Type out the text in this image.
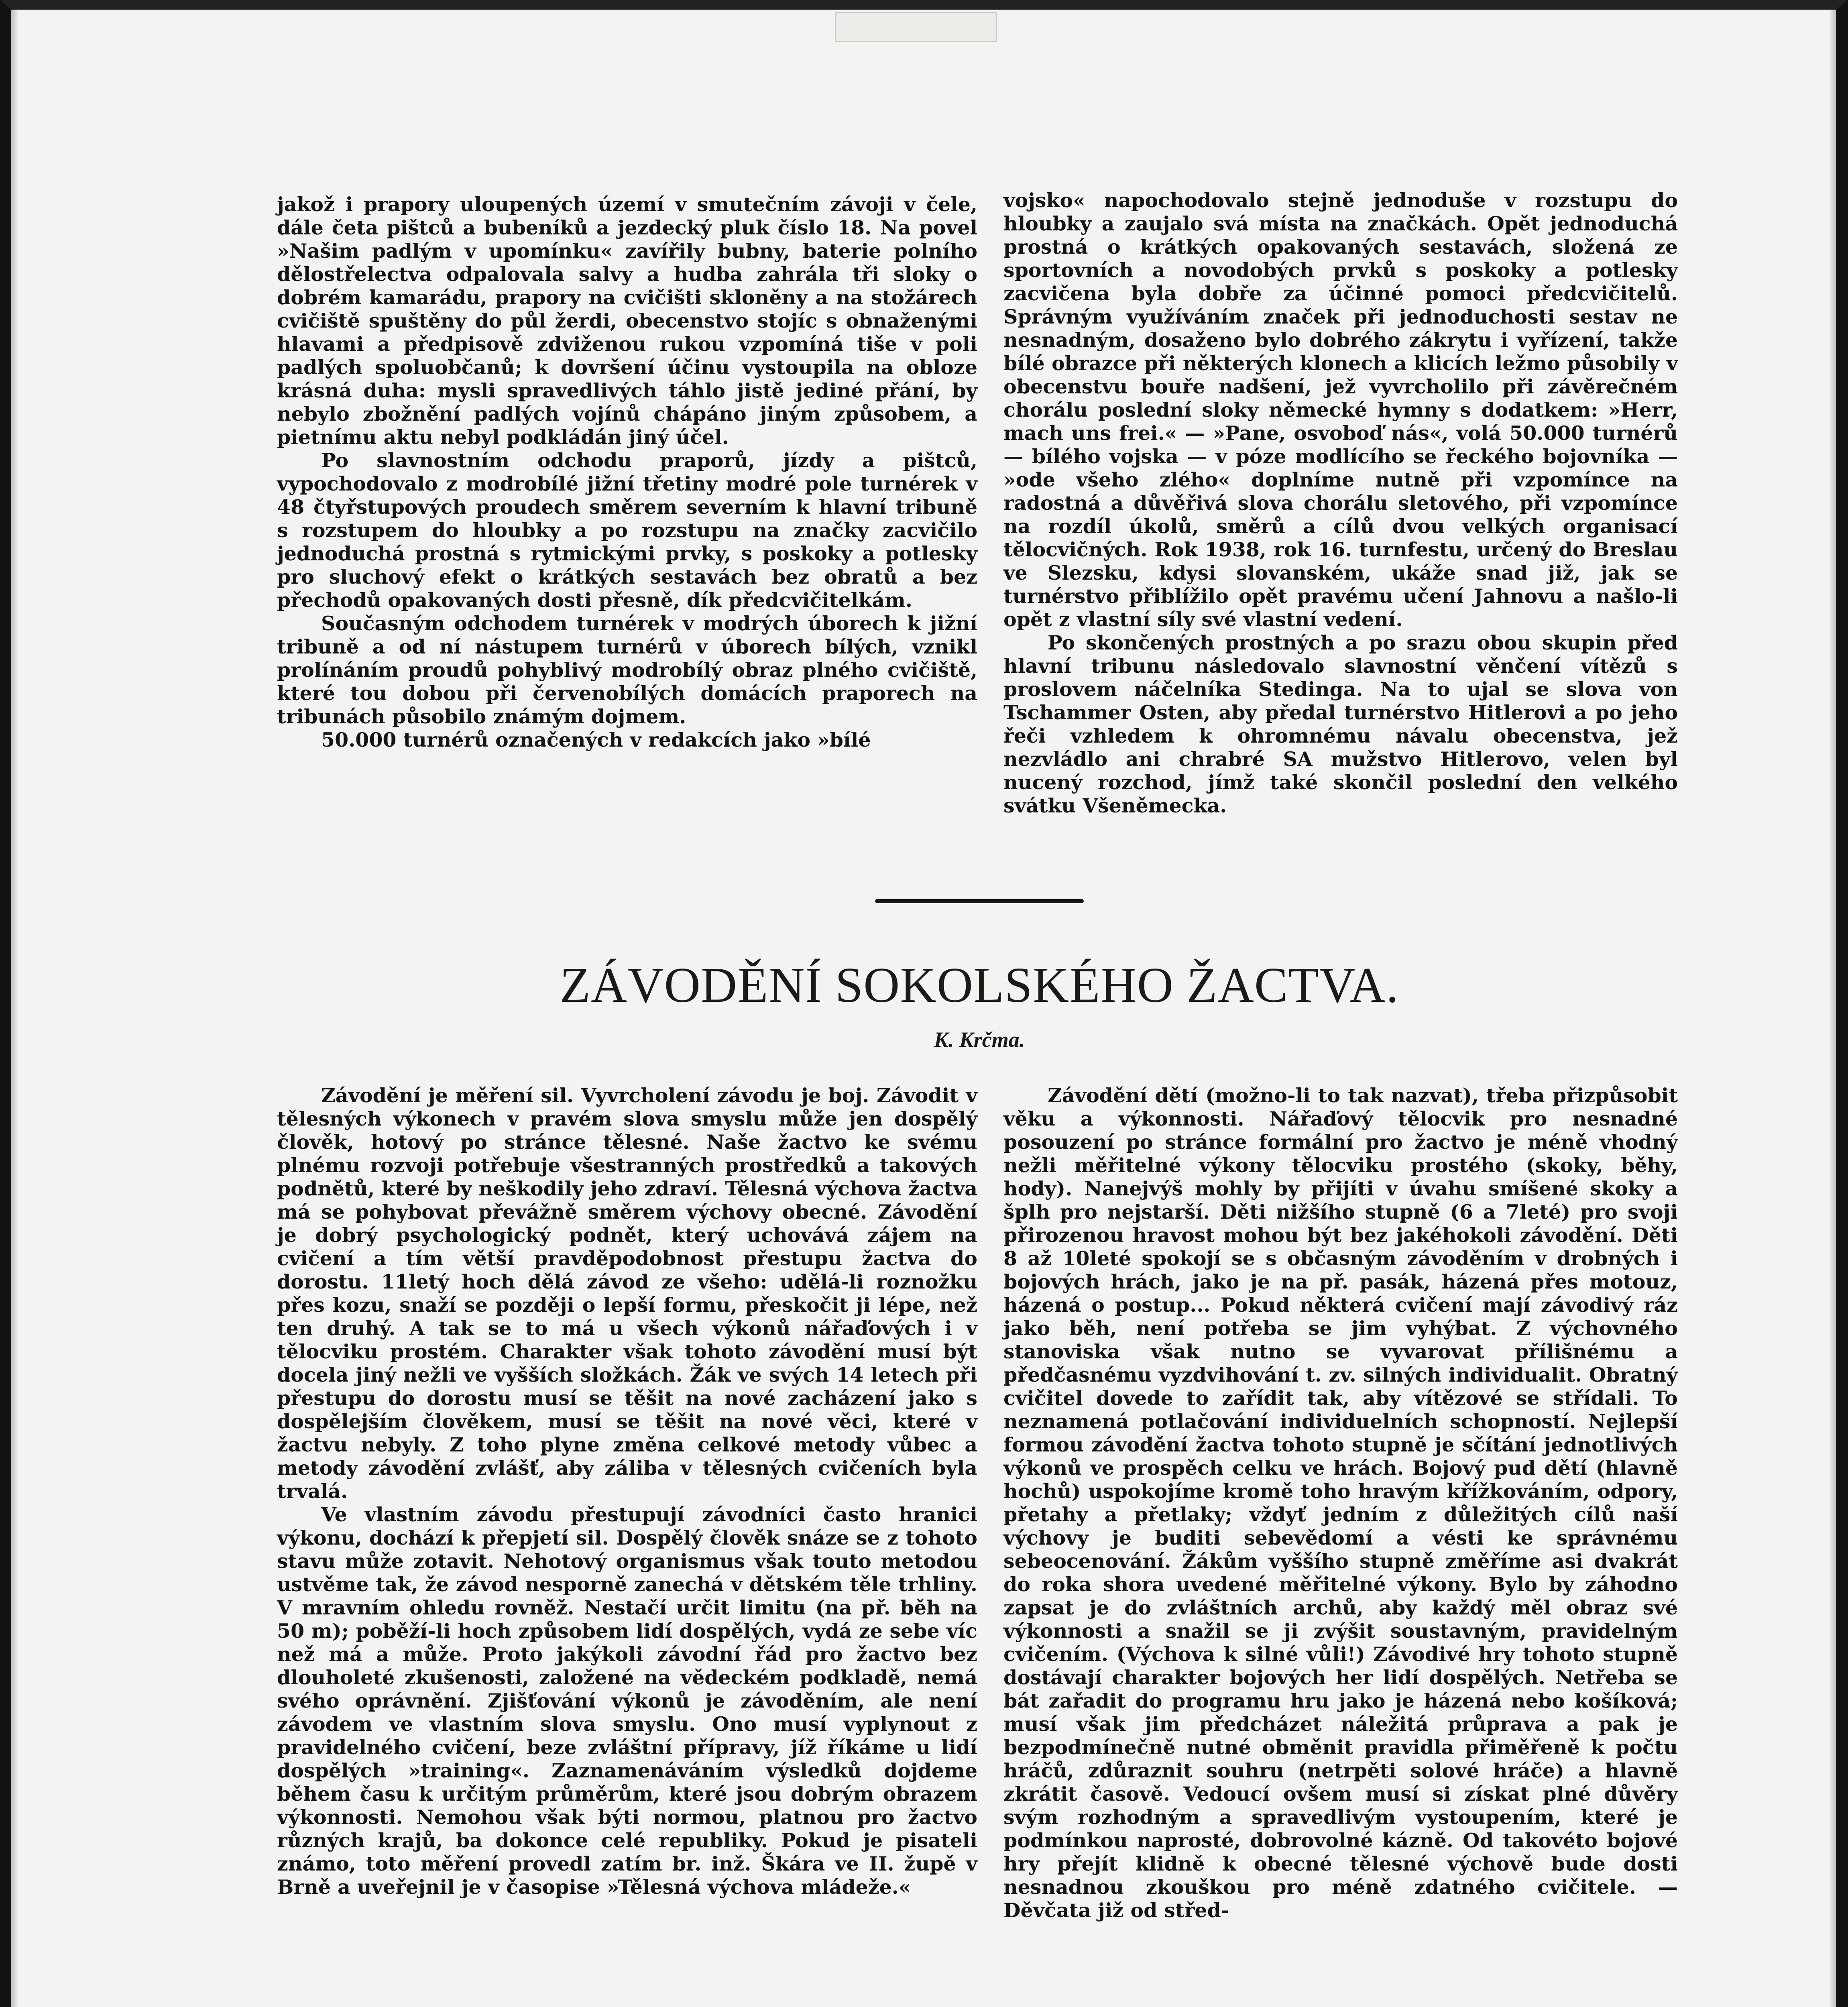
jakož i prapory uloupených území v smutečním závoji v čele, dále četa pištců a bubeníků a jezdecký pluk číslo 18. Na povel »Našim padlým v upomínku« zavířily bubny, baterie polního dělostřelectva odpalovala salvy a hudba zahrála tři sloky o dobrém kamarádu, prapory na cvičišti skloněny a na stožárech cvičiště spuštěny do půl žerdi, obecenstvo stojíc s obnaženými hlavami a předpisově zdviženou rukou vzpomíná tiše v poli padlých spoluobčanů; k dovršení účinu vystoupila na obloze krásná duha: mysli spravedlivých táhlo jistě jediné přání, by nebylo zbožnění padlých vojínů chápáno jiným způsobem, a pietnímu aktu nebyl podkládán jiný účel.

Po slavnostním odchodu praporů, jízdy a pištců, vypochodovalo z modrobílé jižní třetiny modré pole turnérek v 48 čtyřstupových proudech směrem severním k hlavní tribuně s rozstupem do hloubky a po rozstupu na značky zacvičilo jednoduchá prostná s rytmickými prvky, s poskoky a potlesky pro sluchový efekt o krátkých sestavách bez obratů a bez přechodů opakovaných dosti přesně, dík předcvičitelkám.

Současným odchodem turnérek v modrých úborech k jižní tribuně a od ní nástupem turnérů v úborech bílých, vznikl prolínáním proudů pohyblivý modrobílý obraz plného cvičiště, které tou dobou při červenobílých domácích praporech na tribunách působilo známým dojmem.

50.000 turnérů označených v redakcích jako »bílé

vojsko« napochodovalo stejně jednoduše v rozstupu do hloubky a zaujalo svá místa na značkách. Opět jednoduchá prostná o krátkých opakovaných sestavách, složená ze sportovních a novodobých prvků s poskoky a potlesky zacvičena byla dobře za účinné pomoci předcvičitelů. Správným využíváním značek při jednoduchosti sestav ne nesnadným, dosaženo bylo dobrého zákrytu i vyřízení, takže bílé obrazce při některých klonech a klicích ležmo působily v obecenstvu bouře nadšení, jež vyvrcholilo při závěrečném chorálu poslední sloky německé hymny s dodatkem: »Herr, mach uns frei.« — »Pane, osvoboď nás«, volá 50.000 turnérů — bílého vojska — v póze modlícího se řeckého bojovníka — »ode všeho zlého« doplníme nutně při vzpomínce na radostná a důvěřivá slova chorálu sletového, při vzpomínce na rozdíl úkolů, směrů a cílů dvou velkých organisací tělocvičných. Rok 1938, rok 16. turnfestu, určený do Breslau ve Slezsku, kdysi slovanském, ukáže snad již, jak se turnérstvo přiblížilo opět pravému učení Jahnovu a našlo-li opět z vlastní síly své vlastní vedení.

Po skončených prostných a po srazu obou skupin před hlavní tribunu následovalo slavnostní věnčení vítězů s proslovem náčelníka Stedinga. Na to ujal se slova von Tschammer Osten, aby předal turnérstvo Hitlerovi a po jeho řeči vzhledem k ohromnému návalu obecenstva, jež nezvládlo ani chrabré SA mužstvo Hitlerovo, velen byl nucený rozchod, jímž také skončil poslední den velkého svátku Všeněmecka.

ZÁVODĚNÍ SOKOLSKÉHO ŽACTVA.
K. Krčma.

Závodění je měření sil. Vyvrcholení závodu je boj. Závodit v tělesných výkonech v pravém slova smyslu může jen dospělý člověk, hotový po stránce tělesné. Naše žactvo ke svému plnému rozvoji potřebuje všestranných prostředků a takových podnětů, které by neškodily jeho zdraví. Tělesná výchova žactva má se pohybovat převážně směrem výchovy obecné. Závodění je dobrý psychologický podnět, který uchovává zájem na cvičení a tím větší pravděpodobnost přestupu žactva do dorostu. 11letý hoch dělá závod ze všeho: udělá-li roznožku přes kozu, snaží se později o lepší formu, přeskočit ji lépe, než ten druhý. A tak se to má u všech výkonů nářaďových i v tělocviku prostém. Charakter však tohoto závodění musí být docela jiný nežli ve vyšších složkách. Žák ve svých 14 letech při přestupu do dorostu musí se těšit na nové zacházení jako s dospělejším člověkem, musí se těšit na nové věci, které v žactvu nebyly. Z toho plyne změna celkové metody vůbec a metody závodění zvlášť, aby záliba v tělesných cvičeních byla trvalá.

Ve vlastním závodu přestupují závodníci často hranici výkonu, dochází k přepjetí sil. Dospělý člověk snáze se z tohoto stavu může zotavit. Nehotový organismus však touto metodou ustvěme tak, že závod nesporně zanechá v dětském těle trhliny. V mravním ohledu rovněž. Nestačí určit limitu (na př. běh na 50 m); poběží-li hoch způsobem lidí dospělých, vydá ze sebe víc než má a může. Proto jakýkoli závodní řád pro žactvo bez dlouholeté zkušenosti, založené na vědeckém podkladě, nemá svého oprávnění. Zjišťování výkonů je závoděním, ale není závodem ve vlastním slova smyslu. Ono musí vyplynout z pravidelného cvičení, beze zvláštní přípravy, jíž říkáme u lidí dospělých »training«. Zaznamenáváním výsledků dojdeme během času k určitým průměrům, které jsou dobrým obrazem výkonnosti. Nemohou však býti normou, platnou pro žactvo různých krajů, ba dokonce celé republiky. Pokud je pisateli známo, toto měření provedl zatím br. inž. Škára ve II. župě v Brně a uveřejnil je v časopise »Tělesná výchova mládeže.«

Závodění dětí (možno-li to tak nazvat), třeba přizpůsobit věku a výkonnosti. Nářaďový tělocvik pro nesnadné posouzení po stránce formální pro žactvo je méně vhodný nežli měřitelné výkony tělocviku prostého (skoky, běhy, hody). Nanejvýš mohly by přijíti v úvahu smíšené skoky a šplh pro nejstarší. Děti nižšího stupně (6 a 7leté) pro svoji přirozenou hravost mohou být bez jakéhokoli závodění. Děti 8 až 10leté spokojí se s občasným závoděním v drobných i bojových hrách, jako je na př. pasák, házená přes motouz, házená o postup... Pokud některá cvičení mají závodivý ráz jako běh, není potřeba se jim vyhýbat. Z výchovného stanoviska však nutno se vyvarovat přílišnému a předčasnému vyzdvihování t. zv. silných individualit. Obratný cvičitel dovede to zařídit tak, aby vítězové se střídali. To neznamená potlačování individuelních schopností. Nejlepší formou závodění žactva tohoto stupně je sčítání jednotlivých výkonů ve prospěch celku ve hrách. Bojový pud dětí (hlavně hochů) uspokojíme kromě toho hravým křížkováním, odpory, přetahy a přetlaky; vždyť jedním z důležitých cílů naší výchovy je buditi sebevědomí a vésti ke správnému sebeocenování. Žákům vyššího stupně změříme asi dvakrát do roka shora uvedené měřitelné výkony. Bylo by záhodno zapsat je do zvláštních archů, aby každý měl obraz své výkonnosti a snažil se ji zvýšit soustavným, pravidelným cvičením. (Výchova k silné vůli!) Závodivé hry tohoto stupně dostávají charakter bojových her lidí dospělých. Netřeba se bát zařadit do programu hru jako je házená nebo košíková; musí však jim předcházet náležitá průprava a pak je bezpodmínečně nutné obměnit pravidla přiměřeně k počtu hráčů, zdůraznit souhru (netrpěti solové hráče) a hlavně zkrátit časově. Vedoucí ovšem musí si získat plné důvěry svým rozhodným a spravedlivým vystoupením, které je podmínkou naprosté, dobrovolné kázně. Od takovéto bojové hry přejít klidně k obecné tělesné výchově bude dosti nesnadnou zkouškou pro méně zdatného cvičitele. — Děvčata již od střed-
